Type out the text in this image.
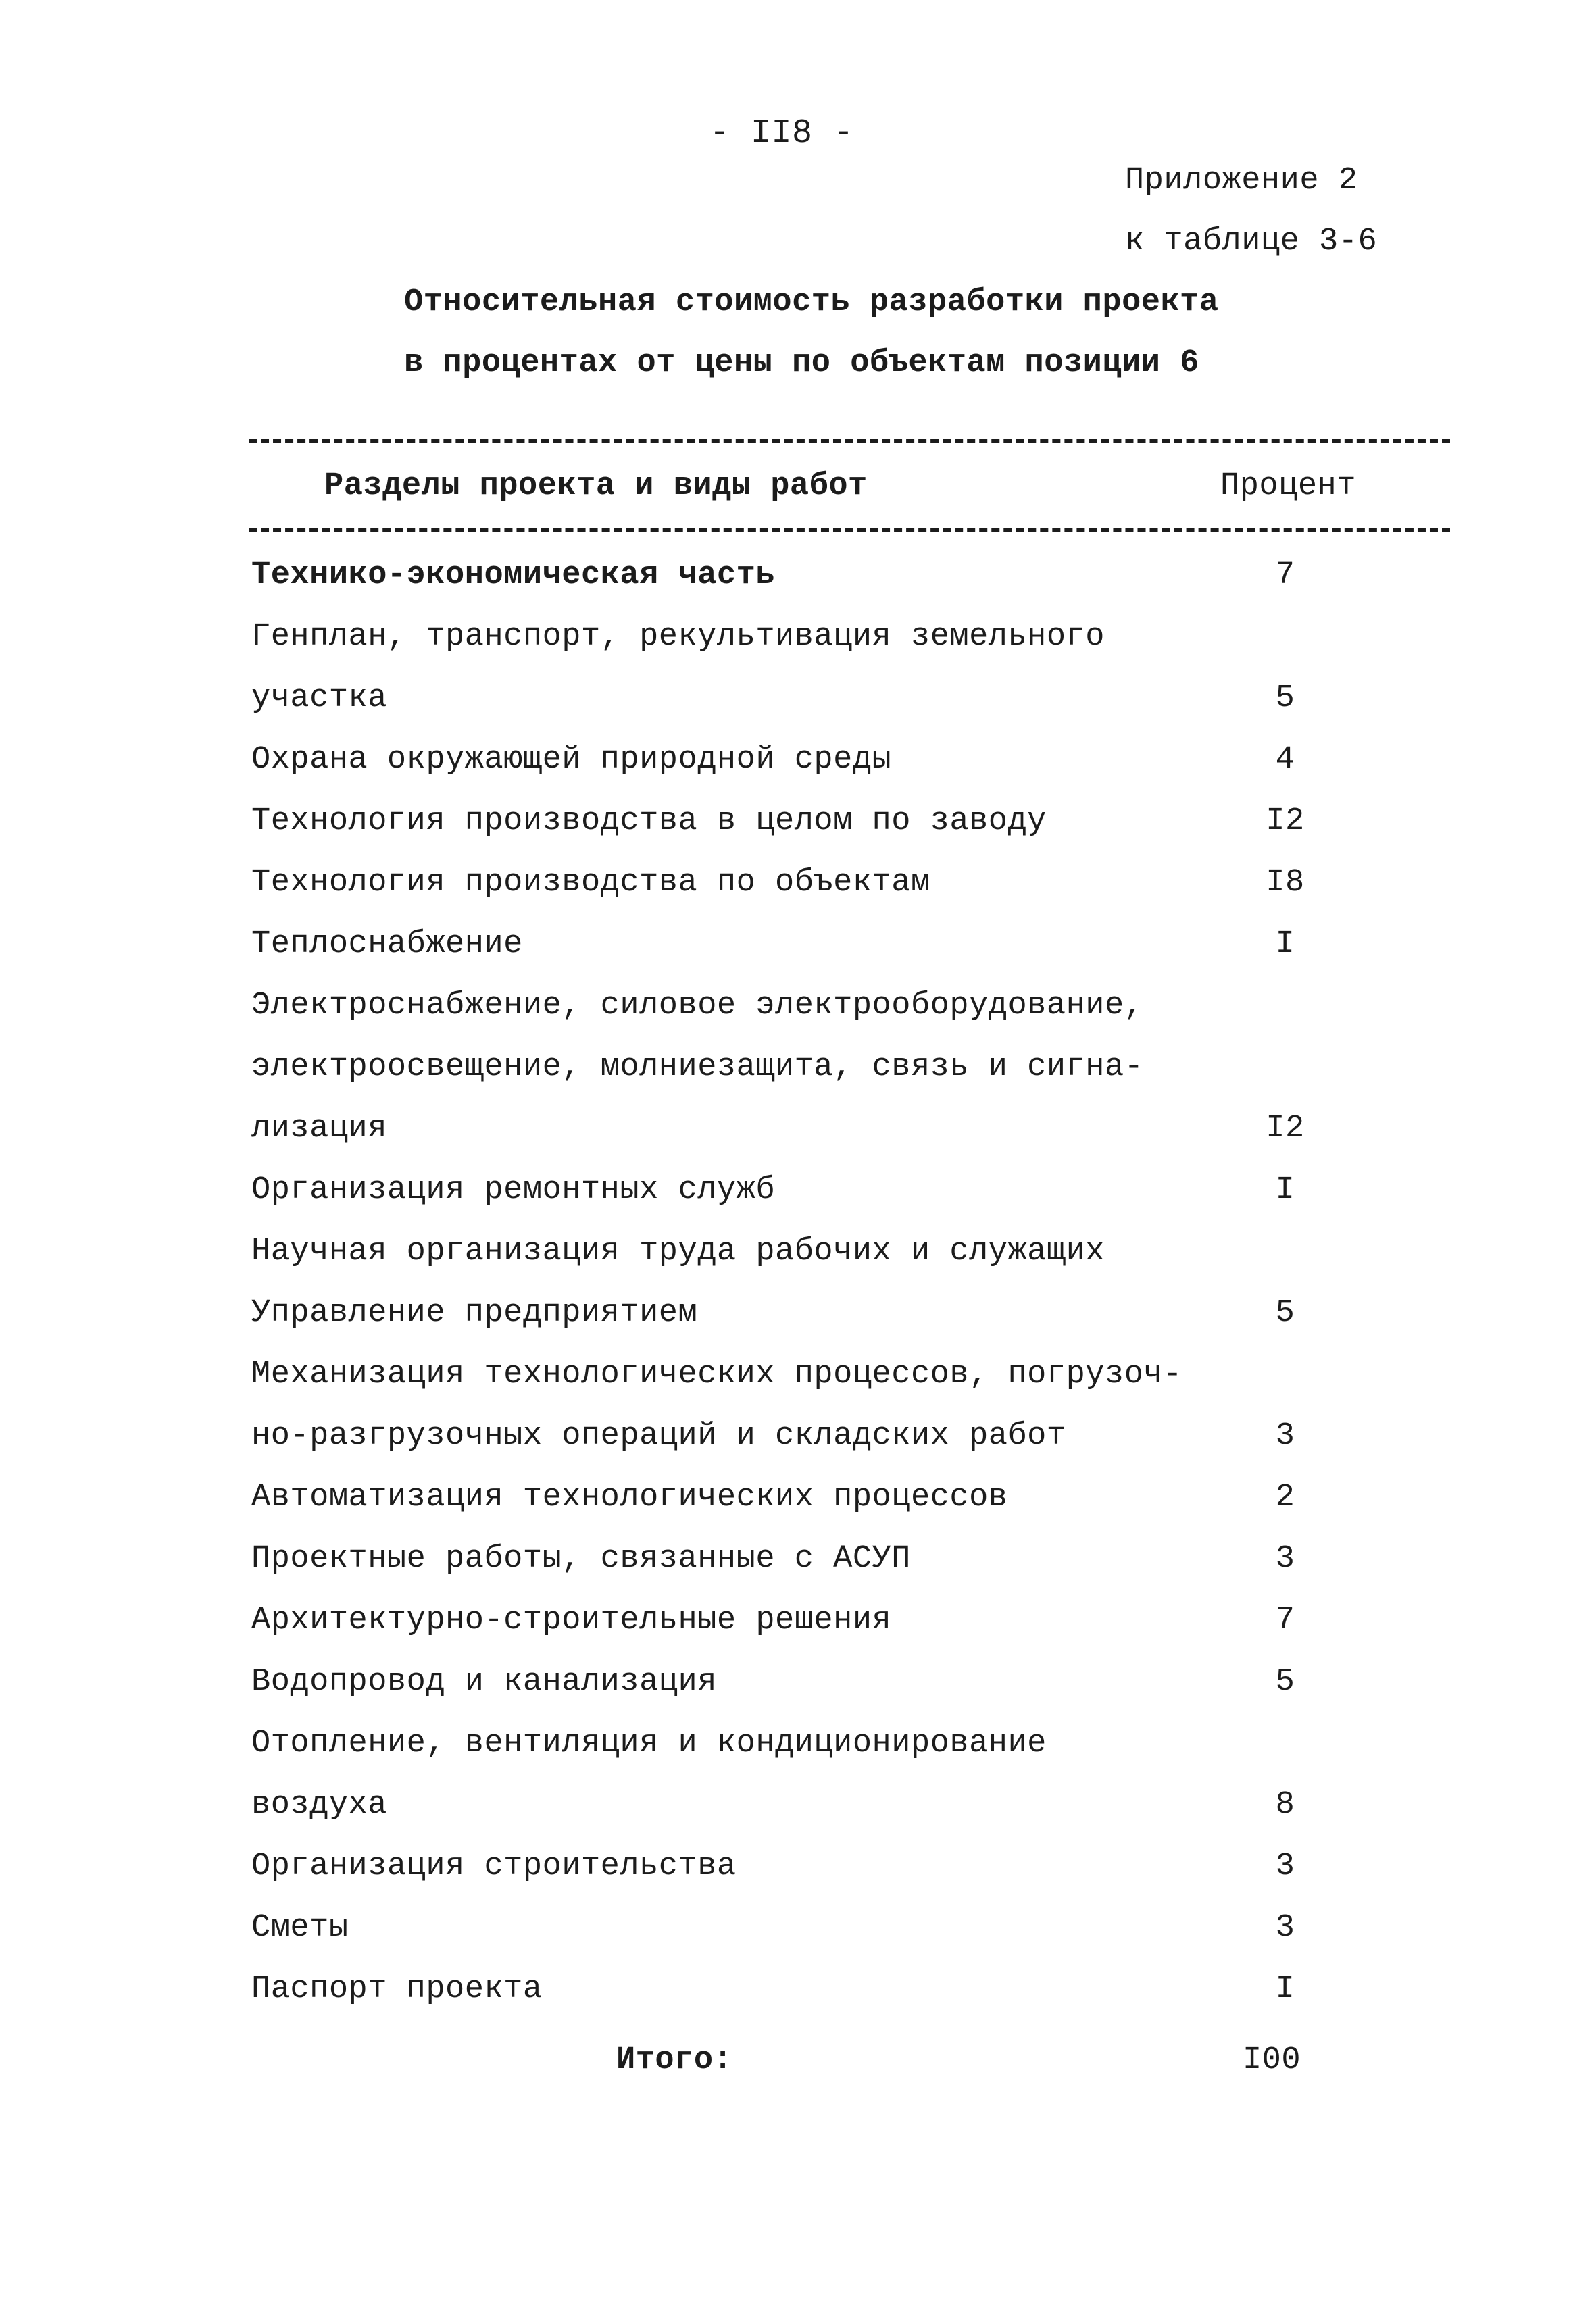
- II8 -
Приложение 2
к таблице 3-6
Относительная стоимость разработки проекта
в процентах от цены по объектам позиции 6
Разделы проекта и виды работ	Процент
Технико-экономическая часть	7
Генплан, транспорт, рекультивация земельного
участка	5
Охрана окружающей природной среды	4
Технология производства в целом по заводу	I2
Технология производства по объектам	I8
Теплоснабжение	I
Электроснабжение, силовое электрооборудование,
электроосвещение, молниезащита, связь и сигна-
лизация	I2
Организация ремонтных служб	I
Научная организация труда рабочих и служащих
Управление предприятием	5
Механизация технологических процессов, погрузоч-
но-разгрузочных операций и складских работ	3
Автоматизация технологических процессов	2
Проектные работы, связанные с АСУП	3
Архитектурно-строительные решения	7
Водопровод и канализация	5
Отопление, вентиляция и кондиционирование
воздуха	8
Организация строительства	3
Сметы	3
Паспорт проекта	I
Итого:	I00
